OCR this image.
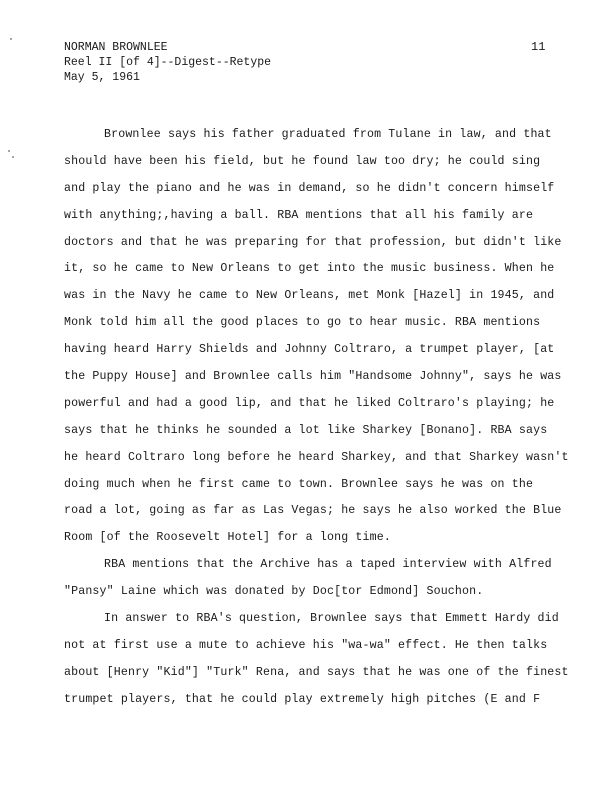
NORMAN BROWNLEE
Reel II [of 4]--Digest--Retype
May 5, 1961
11
Brownlee says his father graduated from Tulane in law, and that
should have been his field, but he found law too dry; he could sing
and play the piano and he was in demand, so he didn't concern himself
with anything;,having a ball. RBA mentions that all his family are
doctors and that he was preparing for that profession, but didn't like
it, so he came to New Orleans to get into the music business. When he
was in the Navy he came to New Orleans, met Monk [Hazel] in 1945, and
Monk told him all the good places to go to hear music. RBA mentions
having heard Harry Shields and Johnny Coltraro, a trumpet player, [at
the Puppy House] and Brownlee calls him "Handsome Johnny", says he was
powerful and had a good lip, and that he liked Coltraro's playing; he
says that he thinks he sounded a lot like Sharkey [Bonano]. RBA says
he heard Coltraro long before he heard Sharkey, and that Sharkey wasn't
doing much when he first came to town. Brownlee says he was on the
road a lot, going as far as Las Vegas; he says he also worked the Blue
Room [of the Roosevelt Hotel] for a long time.
RBA mentions that the Archive has a taped interview with Alfred
"Pansy" Laine which was donated by Doc[tor Edmond] Souchon.
In answer to RBA's question, Brownlee says that Emmett Hardy did
not at first use a mute to achieve his "wa-wa" effect. He then talks
about [Henry "Kid"] "Turk" Rena, and says that he was one of the finest
trumpet players, that he could play extremely high pitches (E and F
